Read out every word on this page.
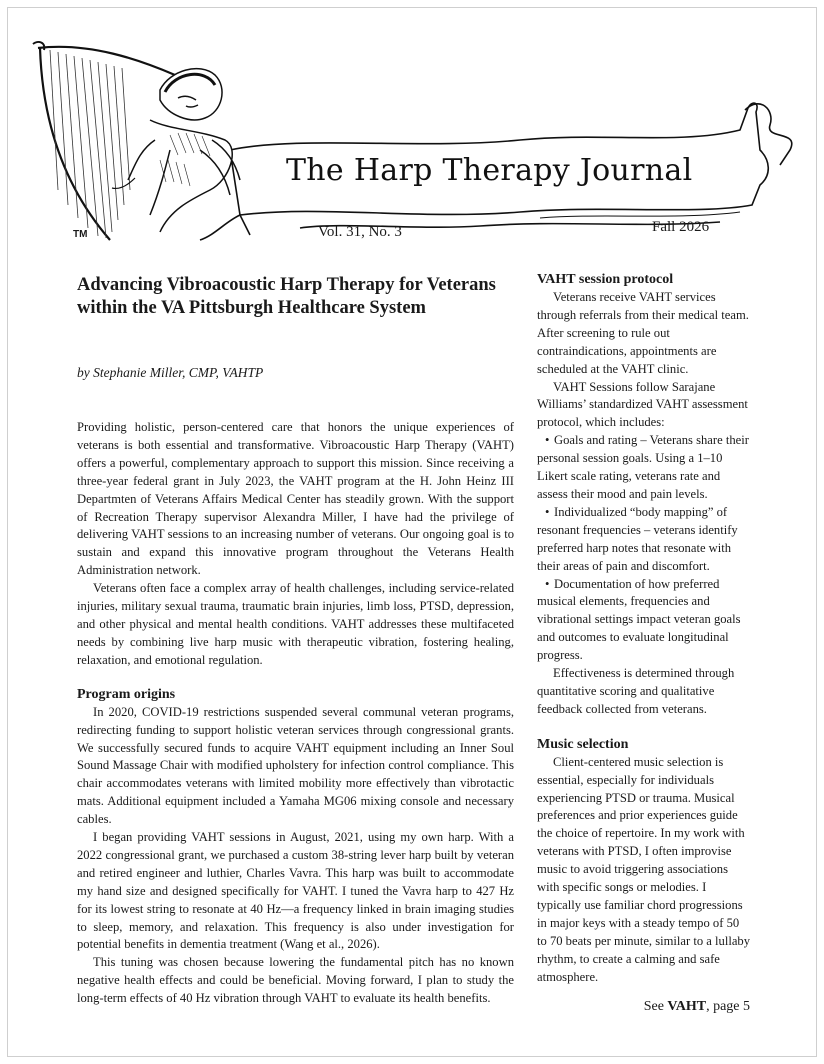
The Harp Therapy Journal
TM	Vol. 31, No. 3	Fall 2026
Advancing Vibroacoustic Harp Therapy for Veterans
within the VA Pittsburgh Healthcare System

by Stephanie Miller, CMP, VAHTP

Providing holistic, person-centered care that honors the unique experiences of veterans is both essential and transformative. Vibroacoustic Harp Therapy (VAHT) offers a powerful, complementary approach to support this mission. Since receiving a three-year federal grant in July 2023, the VAHT program at the H. John Heinz III Departmten of Veterans Affairs Medical Center has steadily grown. With the support of Recreation Therapy supervisor Alexandra Miller, I have had the privilege of delivering VAHT sessions to an increasing number of veterans. Our ongoing goal is to sustain and expand this innovative program throughout the Veterans Health Administration network.

Veterans often face a complex array of health challenges, including service-related injuries, military sexual trauma, traumatic brain injuries, limb loss, PTSD, depression, and other physical and mental health conditions. VAHT addresses these multifaceted needs by combining live harp music with therapeutic vibration, fostering healing, relaxation, and emotional regulation.

Program origins

In 2020, COVID-19 restrictions suspended several communal veteran programs, redirecting funding to support holistic veteran services through congressional grants. We successfully secured funds to acquire VAHT equipment including an Inner Soul Sound Massage Chair with modified upholstery for infection control compliance. This chair accommodates veterans with limited mobility more effectively than vibrotactic mats. Additional equipment included a Yamaha MG06 mixing console and necessary cables.

I began providing VAHT sessions in August, 2021, using my own harp. With a 2022 congressional grant, we purchased a custom 38-string lever harp built by veteran and retired engineer and luthier, Charles Vavra. This harp was built to accommodate my hand size and designed specifically for VAHT. I tuned the Vavra harp to 427 Hz for its lowest string to resonate at 40 Hz—a frequency linked in brain imaging studies to sleep, memory, and relaxation. This frequency is also under investigation for potential benefits in dementia treatment (Wang et al., 2026).

This tuning was chosen because lowering the fundamental pitch has no known negative health effects and could be beneficial. Moving forward, I plan to study the long-term effects of 40 Hz vibration through VAHT to evaluate its health benefits.

VAHT session protocol

Veterans receive VAHT services through referrals from their medical team. After screening to rule out contraindications, appointments are scheduled at the VAHT clinic.

VAHT Sessions follow Sarajane Williams’ standardized VAHT assessment protocol, which includes:

• Goals and rating – Veterans share their personal session goals. Using a 1–10 Likert scale rating, veterans rate and assess their mood and pain levels.

• Individualized “body mapping” of resonant frequencies – veterans identify preferred harp notes that resonate with their areas of pain and discomfort.

• Documentation of how preferred musical elements, frequencies and vibrational settings impact veteran goals and outcomes to evaluate longitudinal progress.

Effectiveness is determined through quantitative scoring and qualitative feedback collected from veterans.

Music selection

Client-centered music selection is essential, especially for individuals experiencing PTSD or trauma. Musical preferences and prior experiences guide the choice of repertoire. In my work with veterans with PTSD, I often improvise music to avoid triggering associations with specific songs or melodies. I typically use familiar chord progressions in major keys with a steady tempo of 50 to 70 beats per minute, similar to a lullaby rhythm, to create a calming and safe atmosphere.

See VAHT, page 5
